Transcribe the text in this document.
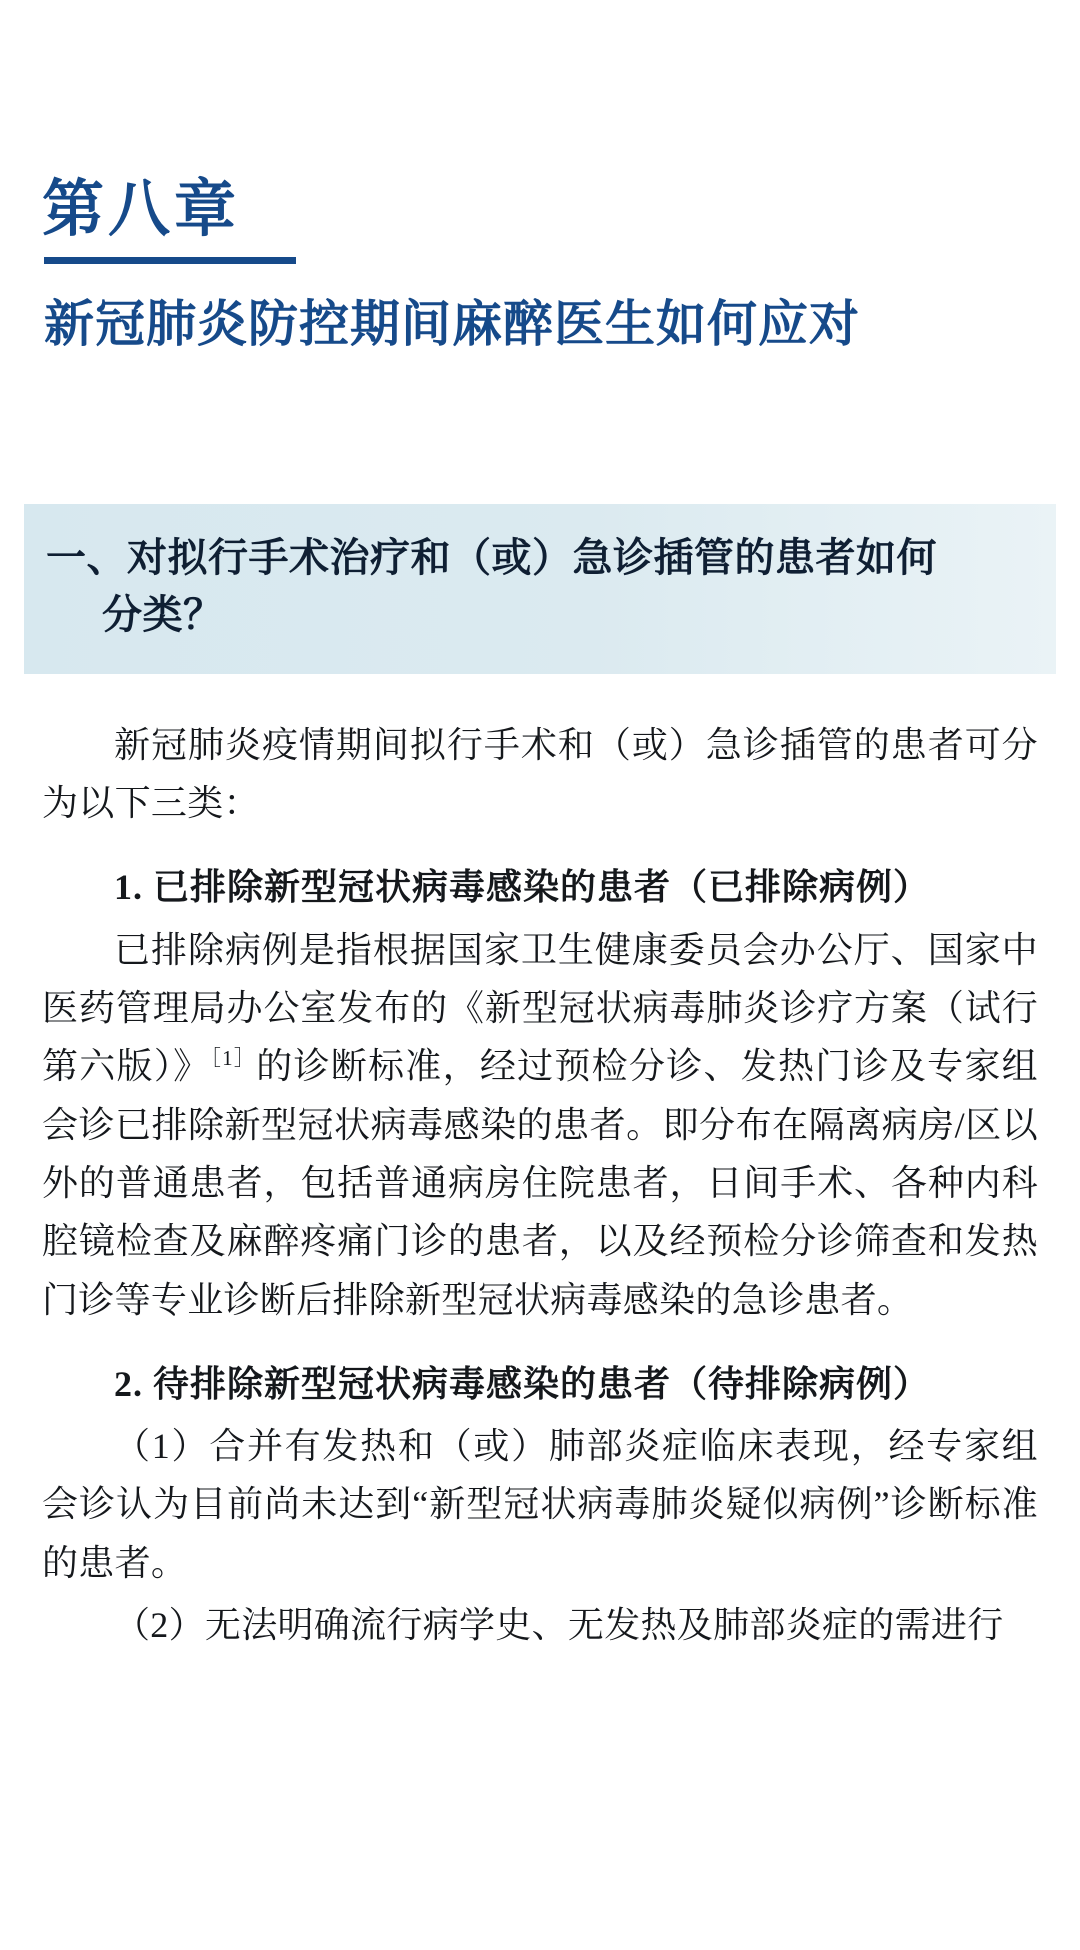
第八章
新冠肺炎防控期间麻醉医生如何应对
一、对拟行手术治疗和（或）急诊插管的患者如何
分类？

新冠肺炎疫情期间拟行手术和（或）急诊插管的患者可分为以下三类：

1. 已排除新型冠状病毒感染的患者（已排除病例）

已排除病例是指根据国家卫生健康委员会办公厅、国家中医药管理局办公室发布的《新型冠状病毒肺炎诊疗方案（试行第六版）》$^{[1]}$的诊断标准，经过预检分诊、发热门诊及专家组会诊已排除新型冠状病毒感染的患者。即分布在隔离病房/区以外的普通患者，包括普通病房住院患者，日间手术、各种内科腔镜检查及麻醉疼痛门诊的患者，以及经预检分诊筛查和发热门诊等专业诊断后排除新型冠状病毒感染的急诊患者。

2. 待排除新型冠状病毒感染的患者（待排除病例）

（1）合并有发热和（或）肺部炎症临床表现，经专家组会诊认为目前尚未达到“新型冠状病毒肺炎疑似病例”诊断标准的患者。

（2）无法明确流行病学史、无发热及肺部炎症的需进行
